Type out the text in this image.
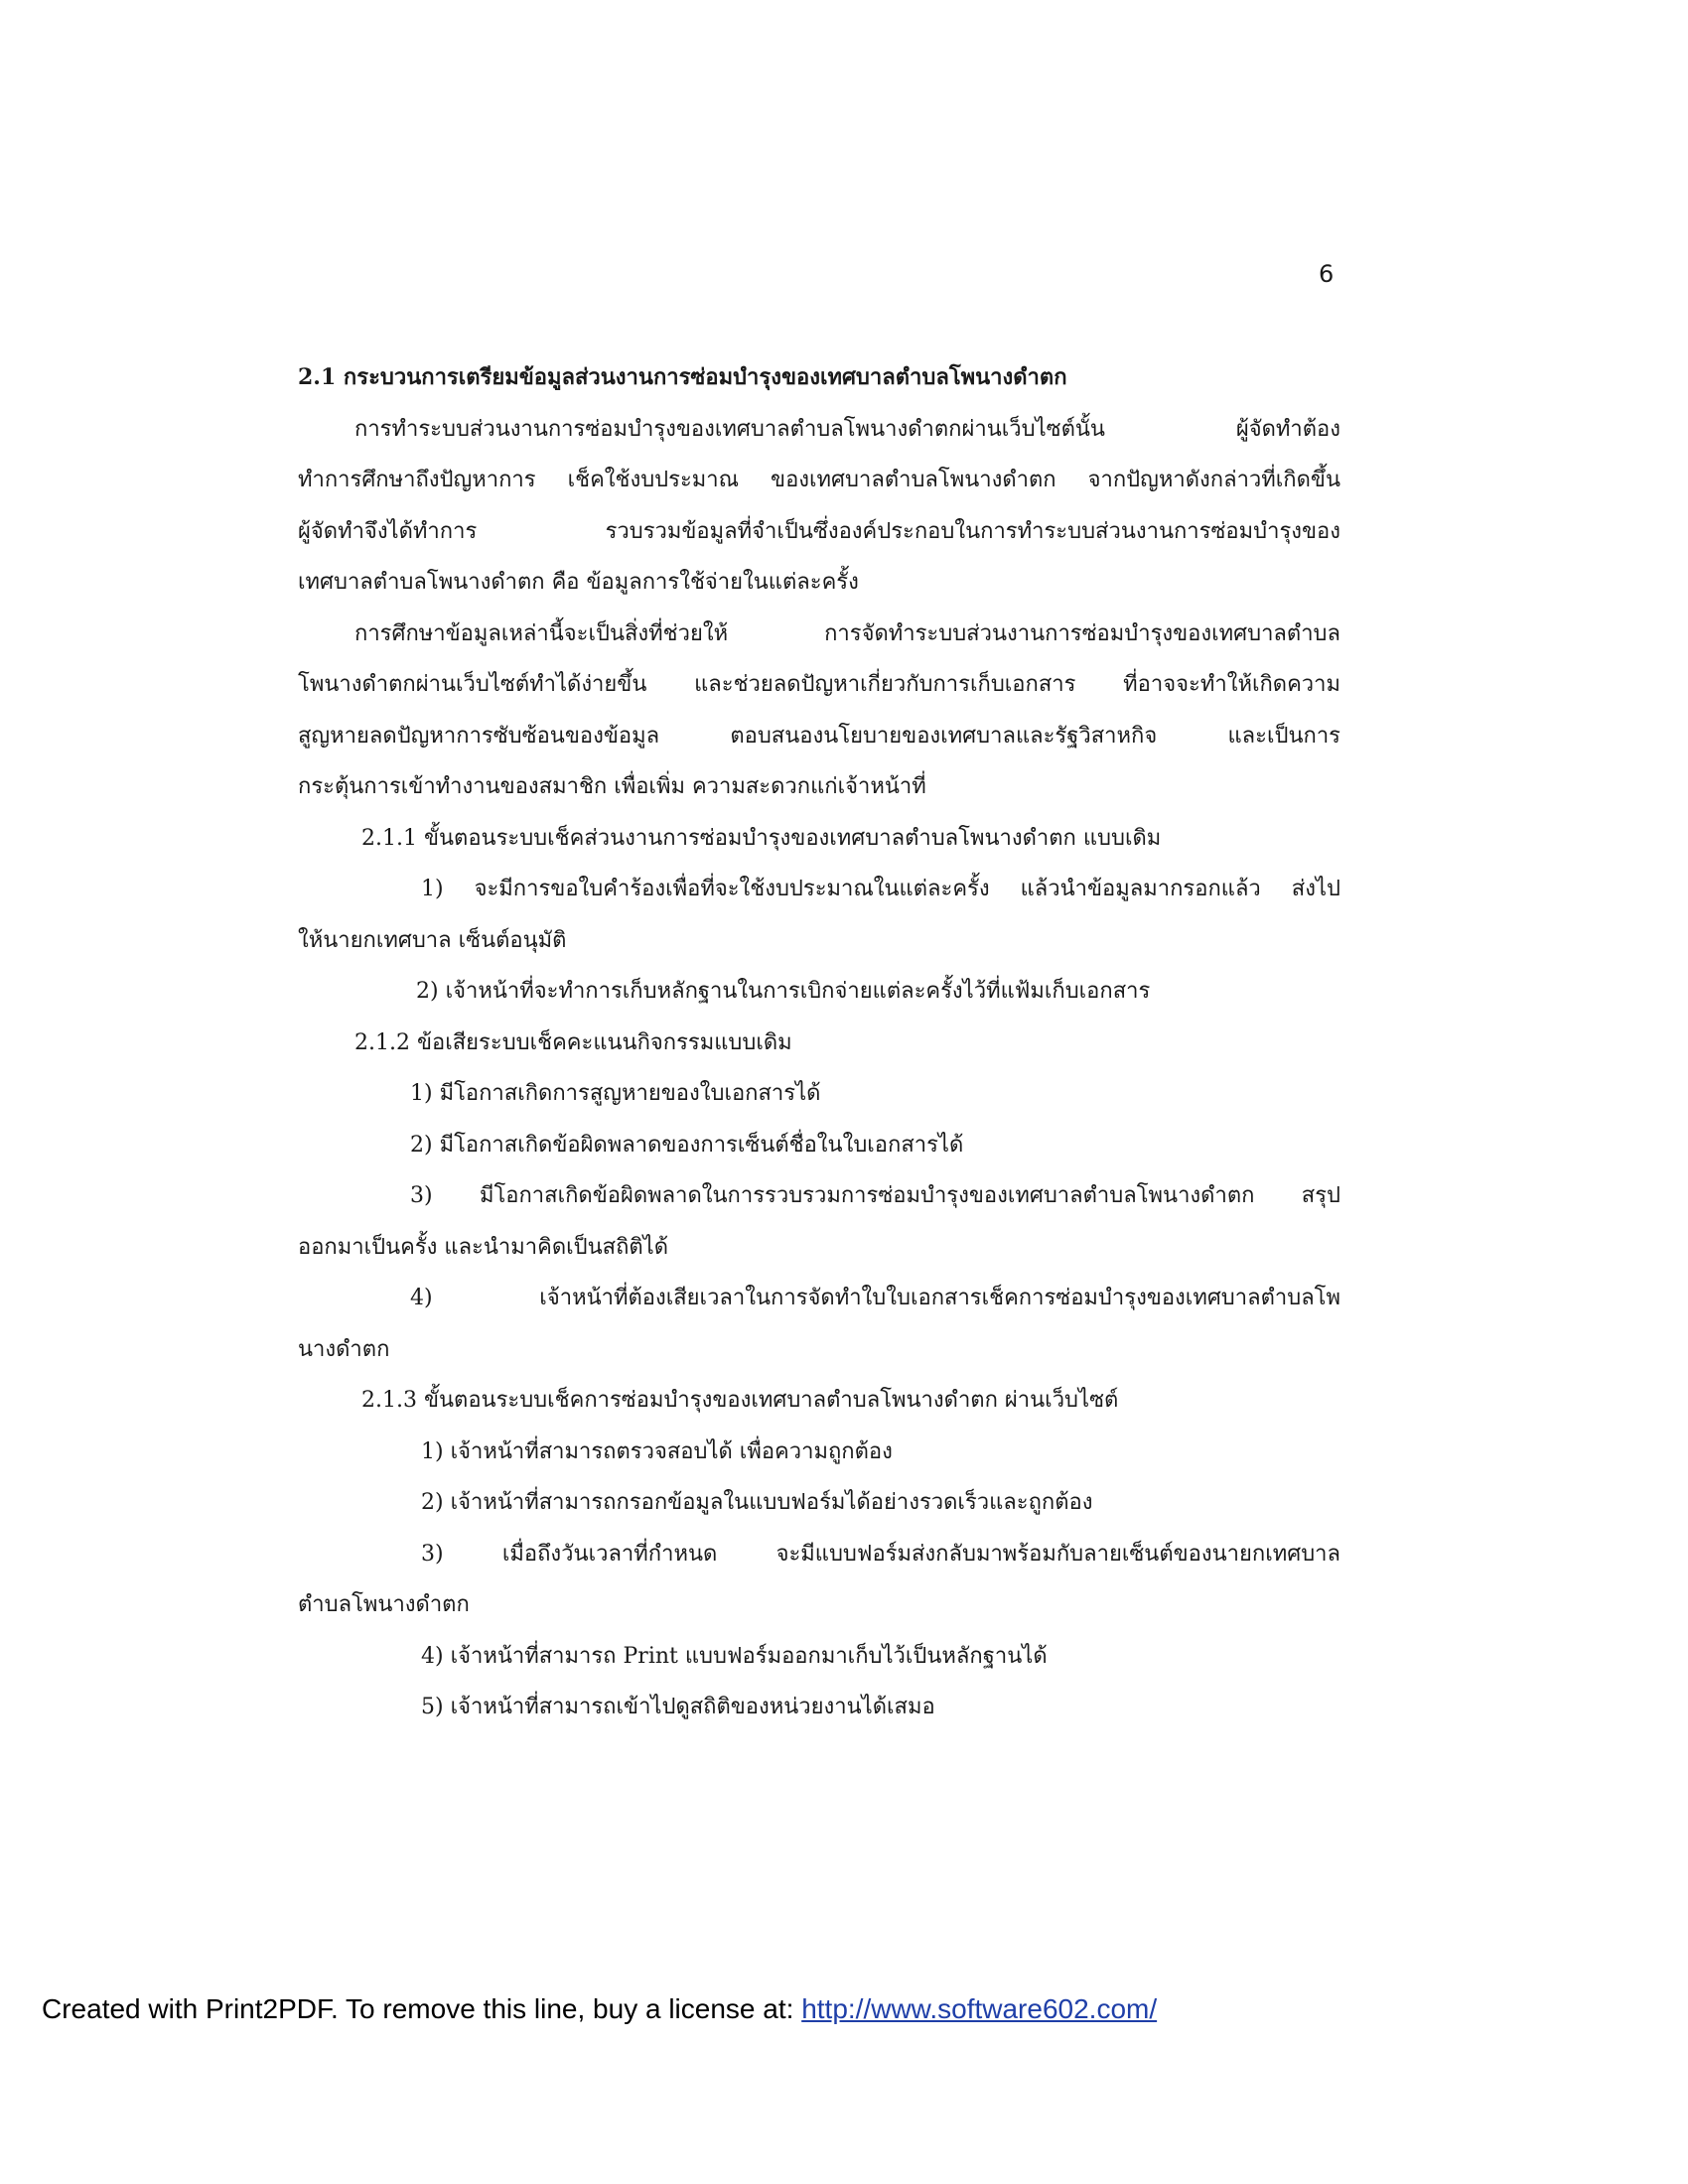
6
2.1 กระบวนการเตรียมข้อมูลส่วนงานการซ่อมบำรุงของเทศบาลตำบลโพนางดำตก
การทำระบบส่วนงานการซ่อมบำรุงของเทศบาลตำบลโพนางดำตกผ่านเว็บไซต์นั้น ผู้จัดทำต้อง
ทำการศึกษาถึงปัญหาการ เช็คใช้งบประมาณ ของเทศบาลตำบลโพนางดำตก จากปัญหาดังกล่าวที่เกิดขึ้น
ผู้จัดทำจึงได้ทำการ รวบรวมข้อมูลที่จำเป็นซึ่งองค์ประกอบในการทำระบบส่วนงานการซ่อมบำรุงของ
เทศบาลตำบลโพนางดำตก คือ ข้อมูลการใช้จ่ายในแต่ละครั้ง
การศึกษาข้อมูลเหล่านี้จะเป็นสิ่งที่ช่วยให้ การจัดทำระบบส่วนงานการซ่อมบำรุงของเทศบาลตำบล
โพนางดำตกผ่านเว็บไซต์ทำได้ง่ายขึ้น และช่วยลดปัญหาเกี่ยวกับการเก็บเอกสาร ที่อาจจะทำให้เกิดความ
สูญหายลดปัญหาการซับซ้อนของข้อมูล ตอบสนองนโยบายของเทศบาลและรัฐวิสาหกิจ และเป็นการ
กระตุ้นการเข้าทำงานของสมาชิก เพื่อเพิ่ม ความสะดวกแก่เจ้าหน้าที่
2.1.1 ขั้นตอนระบบเช็คส่วนงานการซ่อมบำรุงของเทศบาลตำบลโพนางดำตก แบบเดิม
1) จะมีการขอใบคำร้องเพื่อที่จะใช้งบประมาณในแต่ละครั้ง แล้วนำข้อมูลมากรอกแล้ว ส่งไป
ให้นายกเทศบาล เซ็นต์อนุมัติ
2) เจ้าหน้าที่จะทำการเก็บหลักฐานในการเบิกจ่ายแต่ละครั้งไว้ที่แฟ้มเก็บเอกสาร
2.1.2 ข้อเสียระบบเช็คคะแนนกิจกรรมแบบเดิม
1) มีโอกาสเกิดการสูญหายของใบเอกสารได้
2) มีโอกาสเกิดข้อผิดพลาดของการเซ็นต์ชื่อในใบเอกสารได้
3) มีโอกาสเกิดข้อผิดพลาดในการรวบรวมการซ่อมบำรุงของเทศบาลตำบลโพนางดำตก สรุป
ออกมาเป็นครั้ง และนำมาคิดเป็นสถิติได้
4) เจ้าหน้าที่ต้องเสียเวลาในการจัดทำใบใบเอกสารเช็คการซ่อมบำรุงของเทศบาลตำบลโพ
นางดำตก
2.1.3 ขั้นตอนระบบเช็คการซ่อมบำรุงของเทศบาลตำบลโพนางดำตก ผ่านเว็บไซต์
1) เจ้าหน้าที่สามารถตรวจสอบได้ เพื่อความถูกต้อง
2) เจ้าหน้าที่สามารถกรอกข้อมูลในแบบฟอร์มได้อย่างรวดเร็วและถูกต้อง
3) เมื่อถึงวันเวลาที่กำหนด จะมีแบบฟอร์มส่งกลับมาพร้อมกับลายเซ็นต์ของนายกเทศบาล
ตำบลโพนางดำตก
4) เจ้าหน้าที่สามารถ Print แบบฟอร์มออกมาเก็บไว้เป็นหลักฐานได้
5) เจ้าหน้าที่สามารถเข้าไปดูสถิติของหน่วยงานได้เสมอ
Created with Print2PDF. To remove this line, buy a license at: http://www.software602.com/
